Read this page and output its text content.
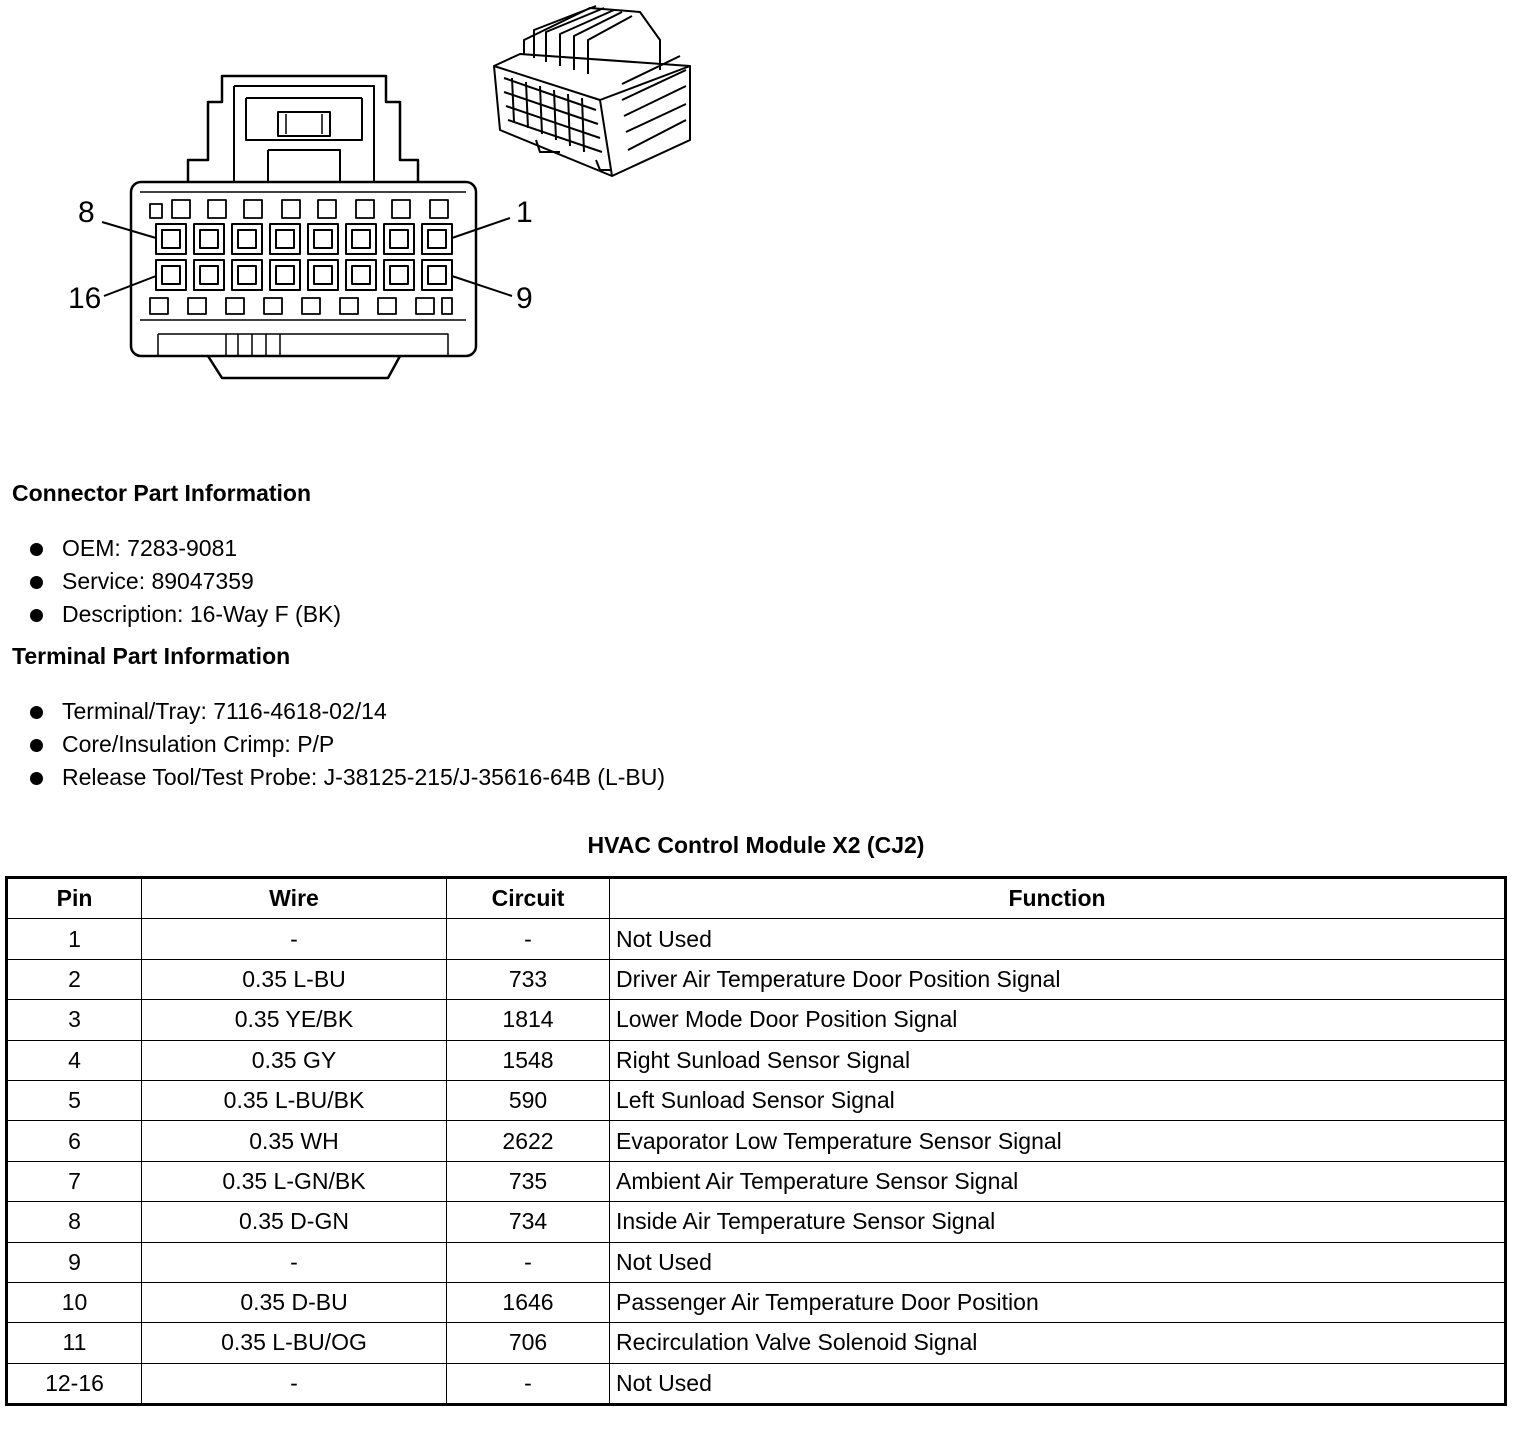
8	1
16	9
Connector Part Information
OEM: 7283-9081
Service: 89047359
Description: 16-Way F (BK)
Terminal Part Information
Terminal/Tray: 7116-4618-02/14
Core/Insulation Crimp: P/P
Release Tool/Test Probe: J-38125-215/J-35616-64B (L-BU)
HVAC Control Module X2 (CJ2)
Pin	Wire	Circuit	Function
1	-	-	Not Used
2	0.35 L-BU	733	Driver Air Temperature Door Position Signal
3	0.35 YE/BK	1814	Lower Mode Door Position Signal
4	0.35 GY	1548	Right Sunload Sensor Signal
5	0.35 L-BU/BK	590	Left Sunload Sensor Signal
6	0.35 WH	2622	Evaporator Low Temperature Sensor Signal
7	0.35 L-GN/BK	735	Ambient Air Temperature Sensor Signal
8	0.35 D-GN	734	Inside Air Temperature Sensor Signal
9	-	-	Not Used
10	0.35 D-BU	1646	Passenger Air Temperature Door Position
11	0.35 L-BU/OG	706	Recirculation Valve Solenoid Signal
12-16	-	-	Not Used
